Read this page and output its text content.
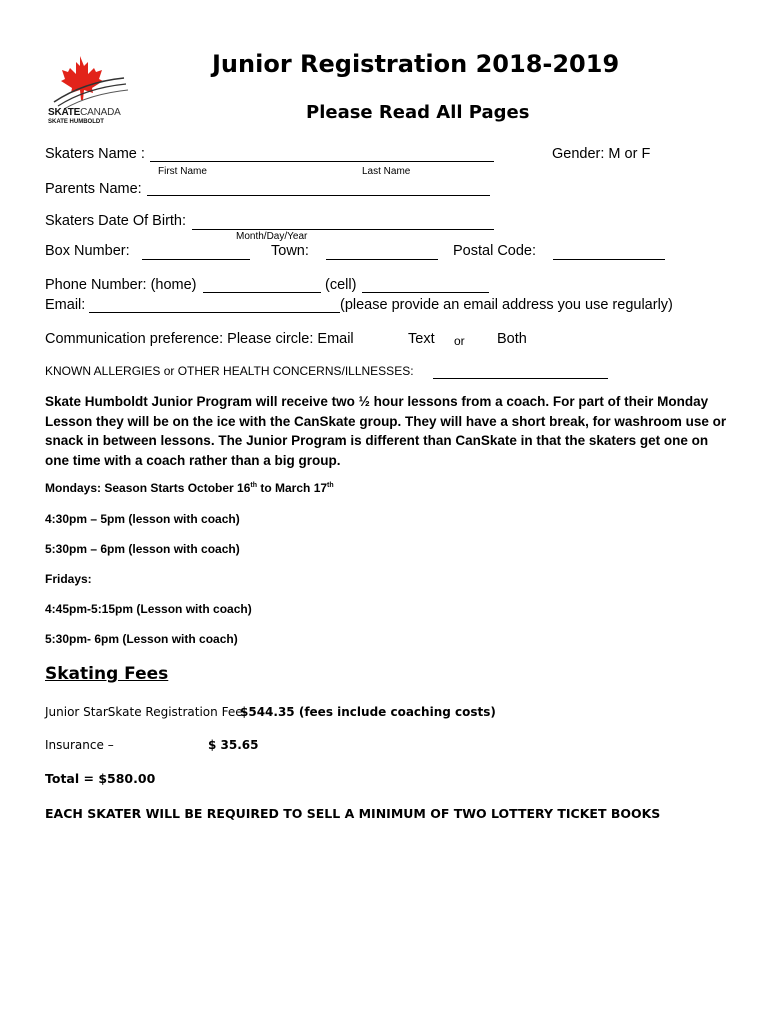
SKATECANADA
SKATE HUMBOLDT
Junior Registration 2018-2019
Please Read All Pages
Skaters Name :	Gender: M or F
First Name	Last Name
Parents Name:
Skaters Date Of Birth:
Month/Day/Year
Box Number:	Town:	Postal Code:
Phone Number: (home)	(cell)
Email:	(please provide an email address you use regularly)
Communication preference: Please circle: Email	Text or Both
KNOWN ALLERGIES or OTHER HEALTH CONCERNS/ILLNESSES:
Skate Humboldt Junior Program will receive two ½ hour lessons from a coach. For part of their Monday Lesson they will be on the ice with the CanSkate group. They will have a short break, for washroom use or snack in between lessons. The Junior Program is different than CanSkate in that the skaters get one on one time with a coach rather than a big group.
Mondays: Season Starts October 16th to March 17th
4:30pm – 5pm (lesson with coach)
5:30pm – 6pm (lesson with coach)
Fridays:
4:45pm-5:15pm (Lesson with coach)
5:30pm- 6pm (Lesson with coach)
Skating Fees
Junior StarSkate Registration Fee-
$544.35 (fees include coaching costs)
Insurance –	$ 35.65
Total = $580.00
EACH SKATER WILL BE REQUIRED TO SELL A MINIMUM OF TWO LOTTERY TICKET BOOKS
